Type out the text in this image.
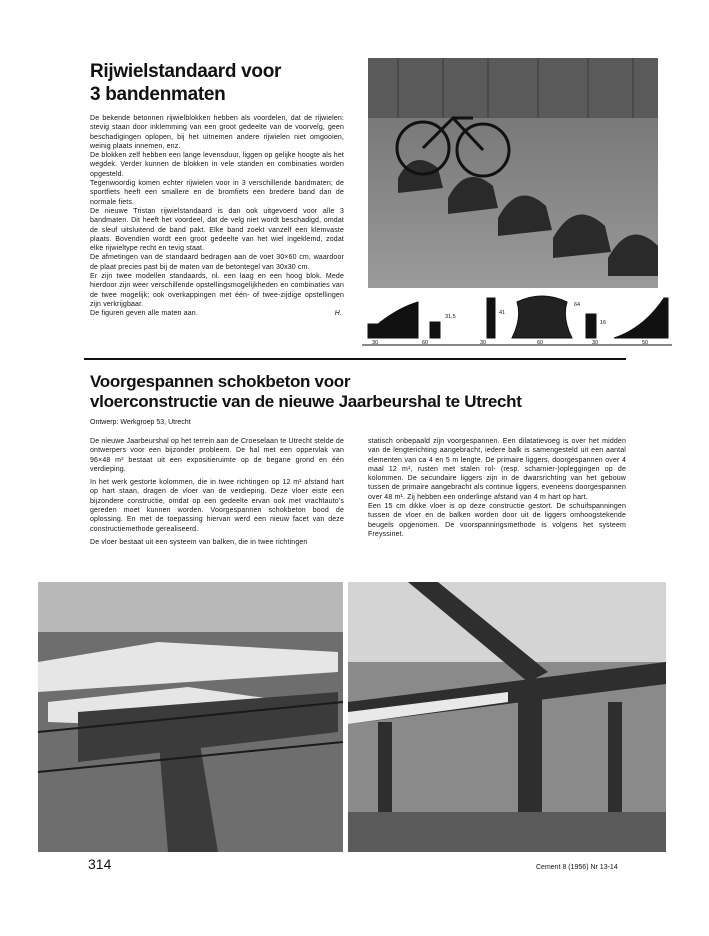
Rijwielstandaard voor
3 bandenmaten

De bekende betonnen rijwielblokken hebben als voordelen, dat de rijwielen: stevig staan door inklemming van een groot gedeelte van de voorvelg, geen beschadigingen oplopen, bij het uitnemen andere rijwielen niet omgooien, weinig plaats innemen, enz.

De blokken zelf hebben een lange levensduur, liggen op gelijke hoogte als het wegdek. Verder kunnen de blokken in vele standen en combinaties worden opgesteld.

Tegenwoordig komen echter rijwielen voor in 3 verschillende bandmaten; de sportfiets heeft een smallere en de bromfiets een bredere band dan de normale fiets.

De nieuwe Tristan rijwielstandaard is dan ook uitgevoerd voor alle 3 bandmaten. Dit heeft het voordeel, dat de velg niet wordt beschadigd, omdat de sleuf uitsluitend de band pakt. Elke band zoekt vanzelf een klemvaste plaats. Bovendien wordt een groot gedeelte van het wiel ingeklemd, zodat elke rijwieltype recht en tevig staat.

De afmetingen van de standaard bedragen aan de voet 30×60 cm, waardoor de plaat precies past bij de maten van de betontegel van 30x30 cm.

Er zijn twee modellen standaards, nl. een laag en een hoog blok. Mede hierdoor zijn weer verschillende opstellingsmogelijkheden en combinaties van de twee mogelijk; ook overkappingen met één- of twee-zijdige opstellingen zijn verkrijgbaar.

De figuren geven alle maten aan.	H.

13,5
31,5
41
64
16
30	60	30	60	30	50
Voorgespannen schokbeton voor
vloerconstructie van de nieuwe Jaarbeurshal te Utrecht
Ontwerp: Werkgroep 53, Utrecht

De nieuwe Jaarbeurshal op het terrein aan de Croeselaan te Utrecht stelde de ontwerpers voor een bijzonder probleem. De hal met een oppervlak van 96×48 m² bestaat uit een expositieruimte op de begane grond en één verdieping.

In het werk gestorte kolommen, die in twee richtingen op 12 m¹ afstand hart op hart staan, dragen de vloer van de verdieping. Deze vloer eiste een bijzondere constructie, omdat op een gedeelte ervan ook met vrachtauto's gereden moet kunnen worden. Voorgespannen schokbeton bood de oplossing. En met de toepassing hiervan werd een nieuw facet van deze constructiemethode gerealiseerd.

De vloer bestaat uit een systeem van balken, die in twee richtingen

statisch onbepaald zijn voorgespannen. Een dilatatievoeg is over het midden van de lengterichting aangebracht, iedere balk is samengesteld uit een aantal elementen van ca 4 en 5 m lengte. De primaire liggers, doorgespannen over 4 maal 12 m¹, rusten met stalen rol- (resp. scharnier-)opleggingen op de kolommen. De secundaire liggers zijn in de dwarsrichting van het gebouw tussen de primaire aangebracht als continue liggers, eveneens doorgespannen over 48 m¹. Zij hebben een onderlinge afstand van 4 m hart op hart.

Een 15 cm dikke vloer is op deze constructie gestort. De schuifspanningen tussen de vloer en de balken worden door uit de liggers omhoogstekende beugels opgenomen. De voorspanningsmethode is volgens het systeem Freyssinet.

314	Cement 8 (1956) Nr 13-14
